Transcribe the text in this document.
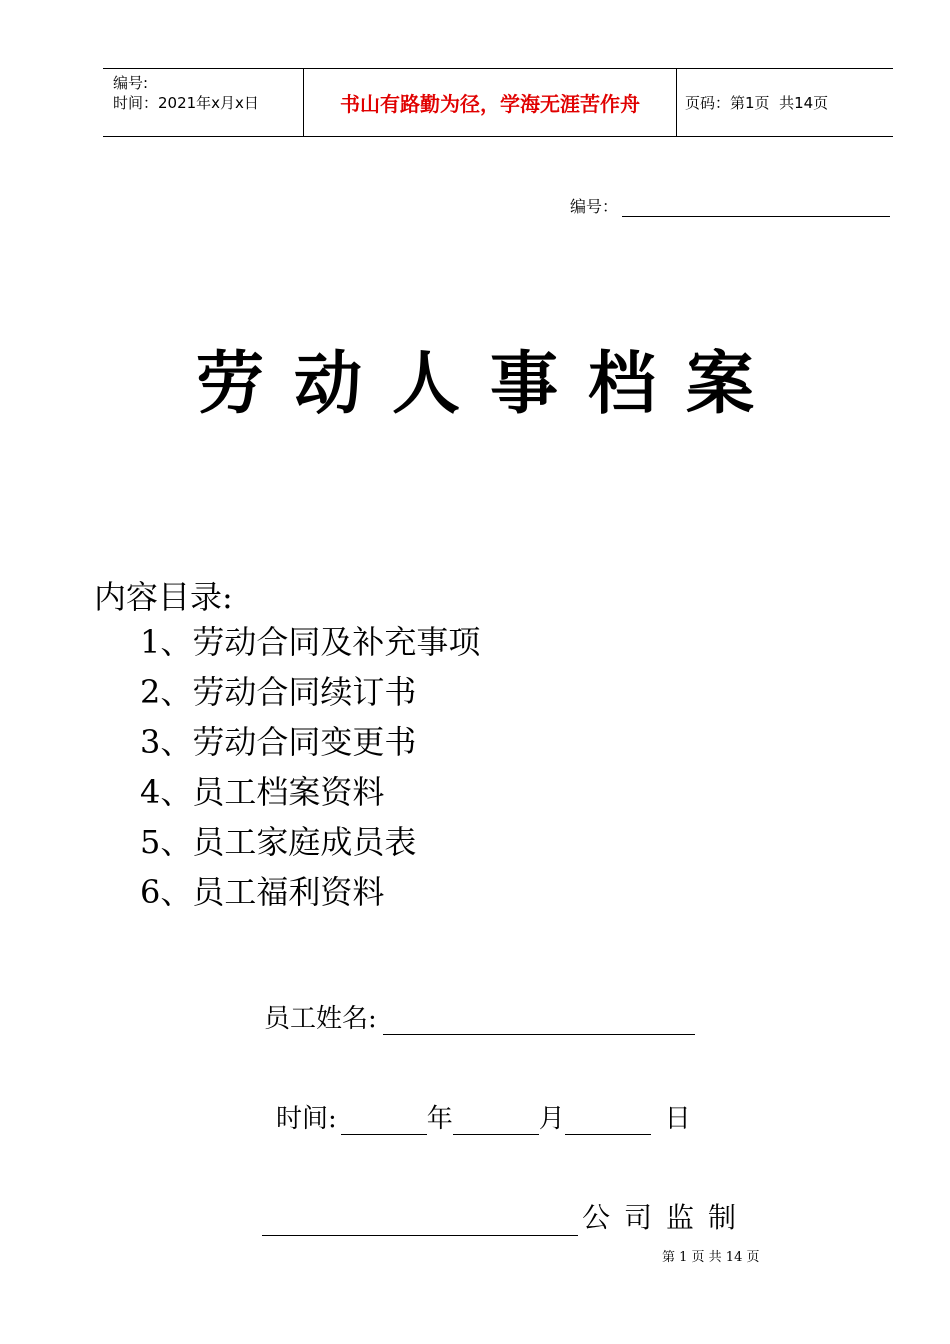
编号:
时间：2021年x月x日	书山有路勤为径，学海无涯苦作舟	页码：第1页  共14页
编号：
劳动人事档案
内容目录:
1、劳动合同及补充事项
2、劳动合同续订书
3、劳动合同变更书
4、员工档案资料
5、员工家庭成员表
6、员工福利资料
员工姓名:
时间:	年	月	日
公司监制
第 1 页 共 14 页
